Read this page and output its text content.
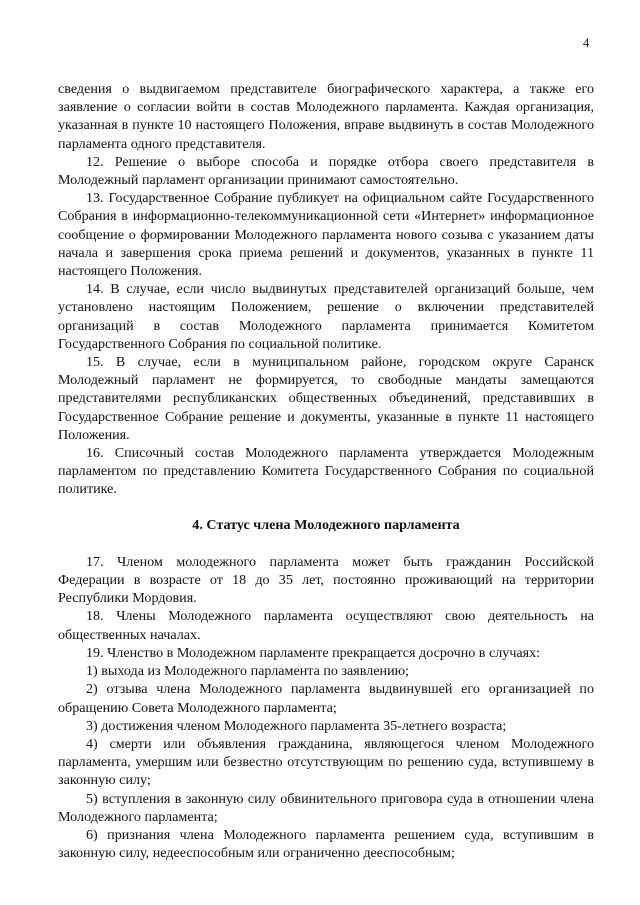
4

сведения о выдвигаемом представителе биографического характера, а также его заявление о согласии войти в состав Молодежного парламента. Каждая организация, указанная в пункте 10 настоящего Положения, вправе выдвинуть в состав Молодежного парламента одного представителя.

12. Решение о выборе способа и порядке отбора своего представителя в Молодежный парламент организации принимают самостоятельно.

13. Государственное Собрание публикует на официальном сайте Государственного Собрания в информационно-телекоммуникационной сети «Интернет» информационное сообщение о формировании Молодежного парламента нового созыва с указанием даты начала и завершения срока приема решений и документов, указанных в пункте 11 настоящего Положения.

14. В случае, если число выдвинутых представителей организаций больше, чем установлено настоящим Положением, решение о включении представителей организаций в состав Молодежного парламента принимается Комитетом Государственного Собрания по социальной политике.

15. В случае, если в муниципальном районе, городском округе Саранск Молодежный парламент не формируется, то свободные мандаты замещаются представителями республиканских общественных объединений, представивших в Государственное Собрание решение и документы, указанные в пункте 11 настоящего Положения.

16. Списочный состав Молодежного парламента утверждается Молодежным парламентом по представлению Комитета Государственного Собрания по социальной политике.

4. Статус члена Молодежного парламента

17. Членом молодежного парламента может быть гражданин Российской Федерации в возрасте от 18 до 35 лет, постоянно проживающий на территории Республики Мордовия.

18. Члены Молодежного парламента осуществляют свою деятельность на общественных началах.

19. Членство в Молодежном парламенте прекращается досрочно в случаях:

1) выхода из Молодежного парламента по заявлению;

2) отзыва члена Молодежного парламента выдвинувшей его организацией по обращению Совета Молодежного парламента;

3) достижения членом Молодежного парламента 35-летнего возраста;

4) смерти или объявления гражданина, являющегося членом Молодежного парламента, умершим или безвестно отсутствующим по решению суда, вступившему в законную силу;

5) вступления в законную силу обвинительного приговора суда в отношении члена Молодежного парламента;

6) признания члена Молодежного парламента решением суда, вступившим в законную силу, недееспособным или ограниченно дееспособным;
